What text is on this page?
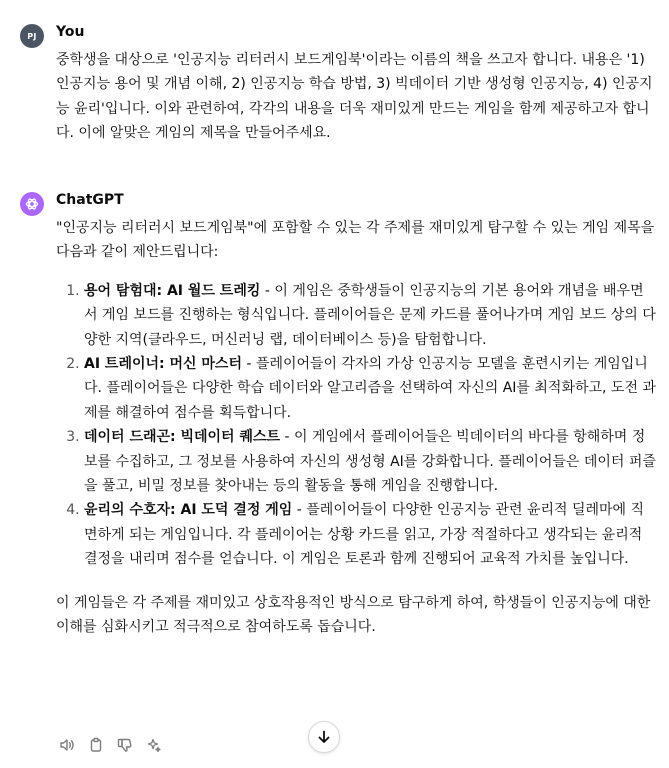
PJ You

중학생을 대상으로 '인공지능 리터러시 보드게임북'이라는 이름의 책을 쓰고자 합니다. 내용은 '1) 인공지능 용어 및 개념 이해, 2) 인공지능 학습 방법, 3) 빅데이터 기반 생성형 인공지능, 4) 인공지능 윤리'입니다. 이와 관련하여, 각각의 내용을 더욱 재미있게 만드는 게임을 함께 제공하고자 합니다. 이에 알맞은 게임의 제목을 만들어주세요.

ChatGPT

"인공지능 리터러시 보드게임북"에 포함할 수 있는 각 주제를 재미있게 탐구할 수 있는 게임 제목을 다음과 같이 제안드립니다:

1. 용어 탐험대: AI 월드 트레킹 - 이 게임은 중학생들이 인공지능의 기본 용어와 개념을 배우면서 게임 보드를 진행하는 형식입니다. 플레이어들은 문제 카드를 풀어나가며 게임 보드 상의 다양한 지역(클라우드, 머신러닝 랩, 데이터베이스 등)을 탐험합니다.
2. AI 트레이너: 머신 마스터 - 플레이어들이 각자의 가상 인공지능 모델을 훈련시키는 게임입니다. 플레이어들은 다양한 학습 데이터와 알고리즘을 선택하여 자신의 AI를 최적화하고, 도전 과제를 해결하여 점수를 획득합니다.
3. 데이터 드래곤: 빅데이터 퀘스트 - 이 게임에서 플레이어들은 빅데이터의 바다를 항해하며 정보를 수집하고, 그 정보를 사용하여 자신의 생성형 AI를 강화합니다. 플레이어들은 데이터 퍼즐을 풀고, 비밀 정보를 찾아내는 등의 활동을 통해 게임을 진행합니다.
4. 윤리의 수호자: AI 도덕 결정 게임 - 플레이어들이 다양한 인공지능 관련 윤리적 딜레마에 직면하게 되는 게임입니다. 각 플레이어는 상황 카드를 읽고, 가장 적절하다고 생각되는 윤리적 결정을 내리며 점수를 얻습니다. 이 게임은 토론과 함께 진행되어 교육적 가치를 높입니다.

이 게임들은 각 주제를 재미있고 상호작용적인 방식으로 탐구하게 하여, 학생들이 인공지능에 대한 이해를 심화시키고 적극적으로 참여하도록 돕습니다.
